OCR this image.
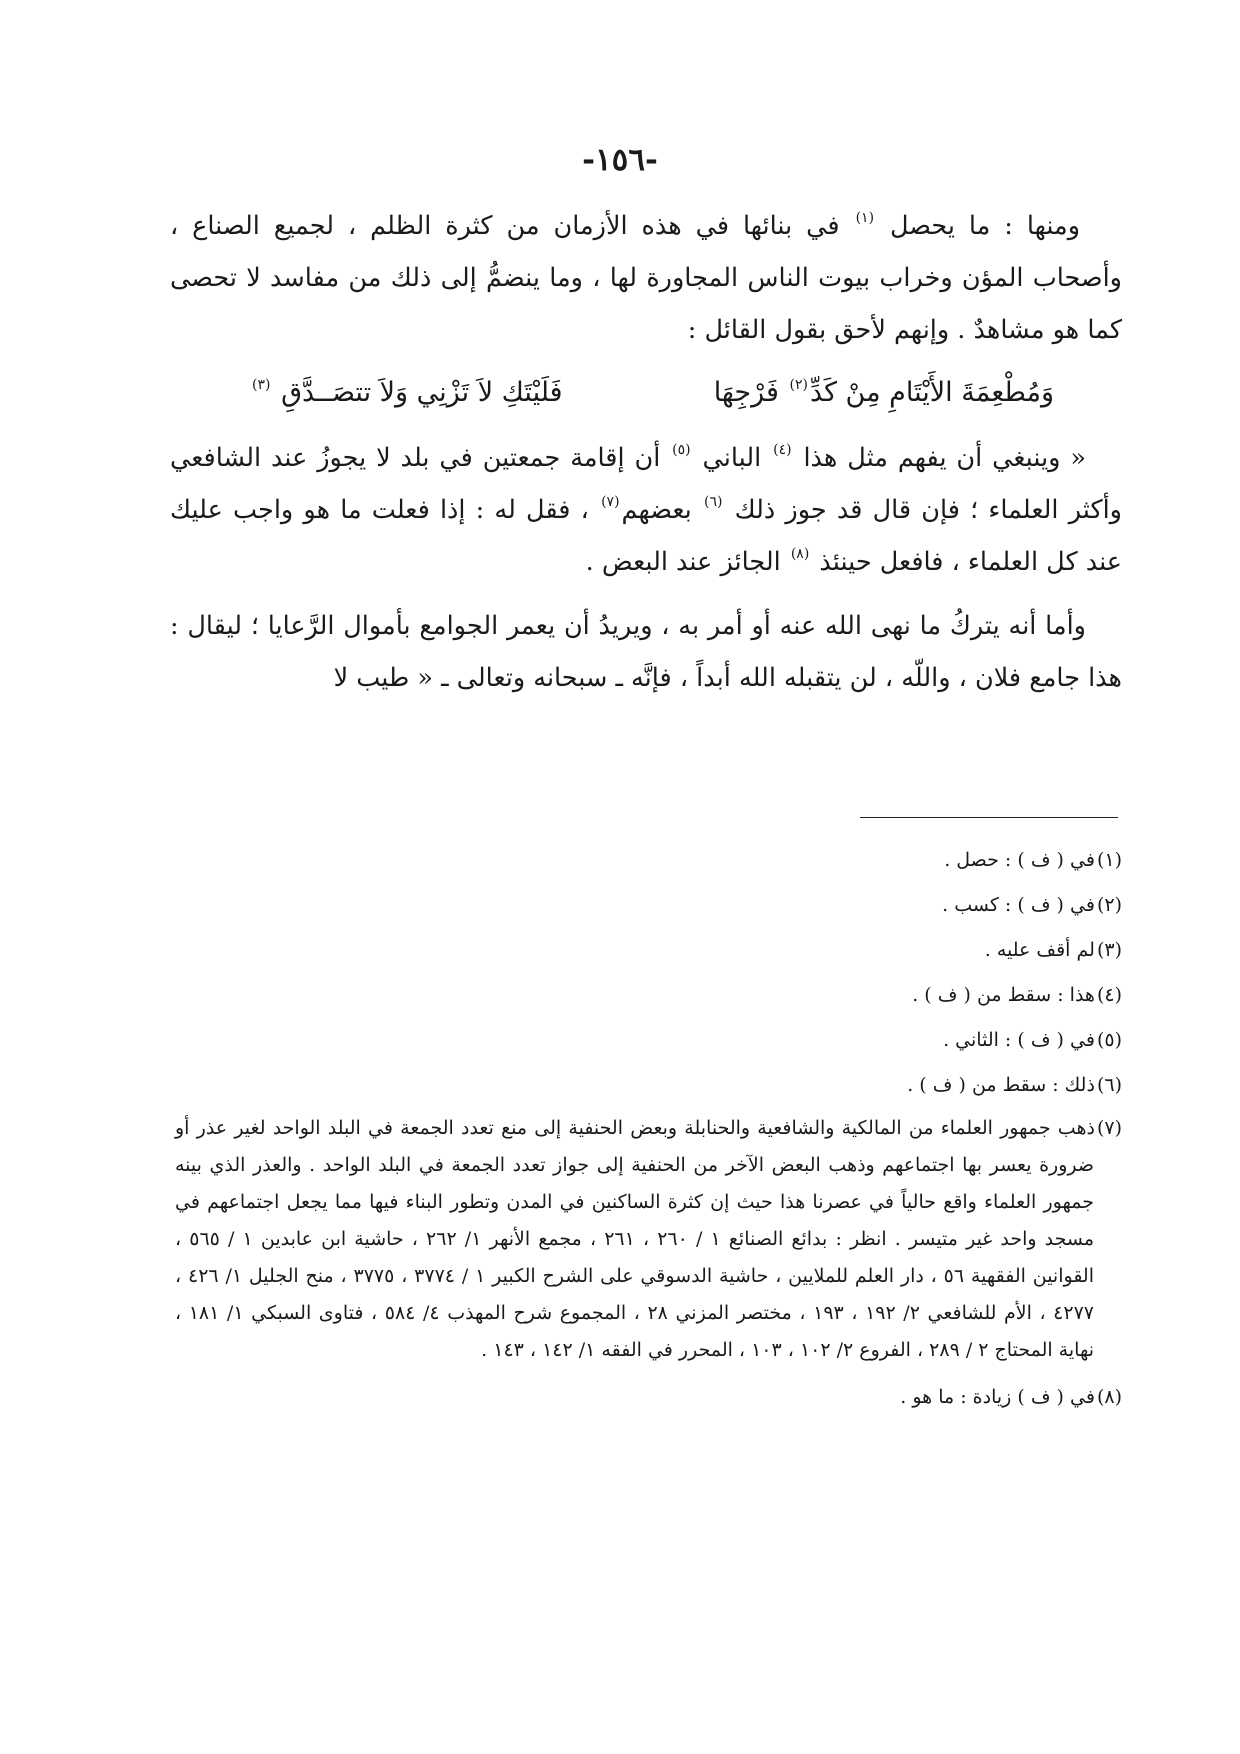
-١٥٦-

ومنها : ما يحصل $^{(١)}$ في بنائها في هذه الأزمان من كثرة الظلم ، لجميع الصناع ، وأصحاب المؤن وخراب بيوت الناس المجاورة لها ، وما ينضمُّ إلى ذلك من مفاسد لا تحصى كما هو مشاهدٌ . وإنهم لأحق بقول القائل :

وَمُطْعِمَةَ الأَيْتَامِ مِنْ كَدِّ$^{(٢)}$ فَرْجِهَا
فَلَيْتَكِ لاَ تَزْنِي وَلاَ تتصَــدَّقِ $^{(٣)}$

« وينبغي أن يفهم مثل هذا $^{(٤)}$ الباني $^{(٥)}$ أن إقامة جمعتين في بلد لا يجوزُ عند الشافعي وأكثر العلماء ؛ فإن قال قد جوز ذلك $^{(٦)}$ بعضهم$^{(٧)}$ ، فقل له : إذا فعلت ما هو واجب عليك عند كل العلماء ، فافعل حينئذ $^{(٨)}$ الجائز عند البعض .

وأما أنه يتركُ ما نهى الله عنه أو أمر به ، ويريدُ أن يعمر الجوامع بأموال الرَّعايا ؛ ليقال : هذا جامع فلان ، واللّه ، لن يتقبله الله أبداً ، فإنَّه ـ سبحانه وتعالى ـ « طيب لا

(١)في ( ف ) : حصل .

(٢)في ( ف ) : كسب .

(٣)لم أقف عليه .

(٤)هذا : سقط من ( ف ) .

(٥)في ( ف ) : الثاني .

(٦)ذلك : سقط من ( ف ) .

(٧)ذهب جمهور العلماء من المالكية والشافعية والحنابلة وبعض الحنفية إلى منع تعدد الجمعة في البلد الواحد لغير عذر أو ضرورة يعسر بها اجتماعهم وذهب البعض الآخر من الحنفية إلى جواز تعدد الجمعة في البلد الواحد . والعذر الذي بينه جمهور العلماء واقع حالياً في عصرنا هذا حيث إن كثرة الساكنين في المدن وتطور البناء فيها مما يجعل اجتماعهم في مسجد واحد غير متيسر . انظر : بدائع الصنائع ١ / ٢٦٠ ، ٢٦١ ، مجمع الأنهر ١/ ٢٦٢ ، حاشية ابن عابدين ١ / ٥٦٥ ، القوانين الفقهية ٥٦ ، دار العلم للملايين ، حاشية الدسوقي على الشرح الكبير ١ / ٣٧٧٤ ، ٣٧٧٥ ، منح الجليل ١/ ٤٢٦ ، ٤٢٧٧ ، الأم للشافعي ٢/ ١٩٢ ، ١٩٣ ، مختصر المزني ٢٨ ، المجموع شرح المهذب ٤/ ٥٨٤ ، فتاوى السبكي ١/ ١٨١ ، نهاية المحتاج ٢ / ٢٨٩ ، الفروع ٢/ ١٠٢ ، ١٠٣ ، المحرر في الفقه ١/ ١٤٢ ، ١٤٣ .

(٨)في ( ف ) زيادة : ما هو .
